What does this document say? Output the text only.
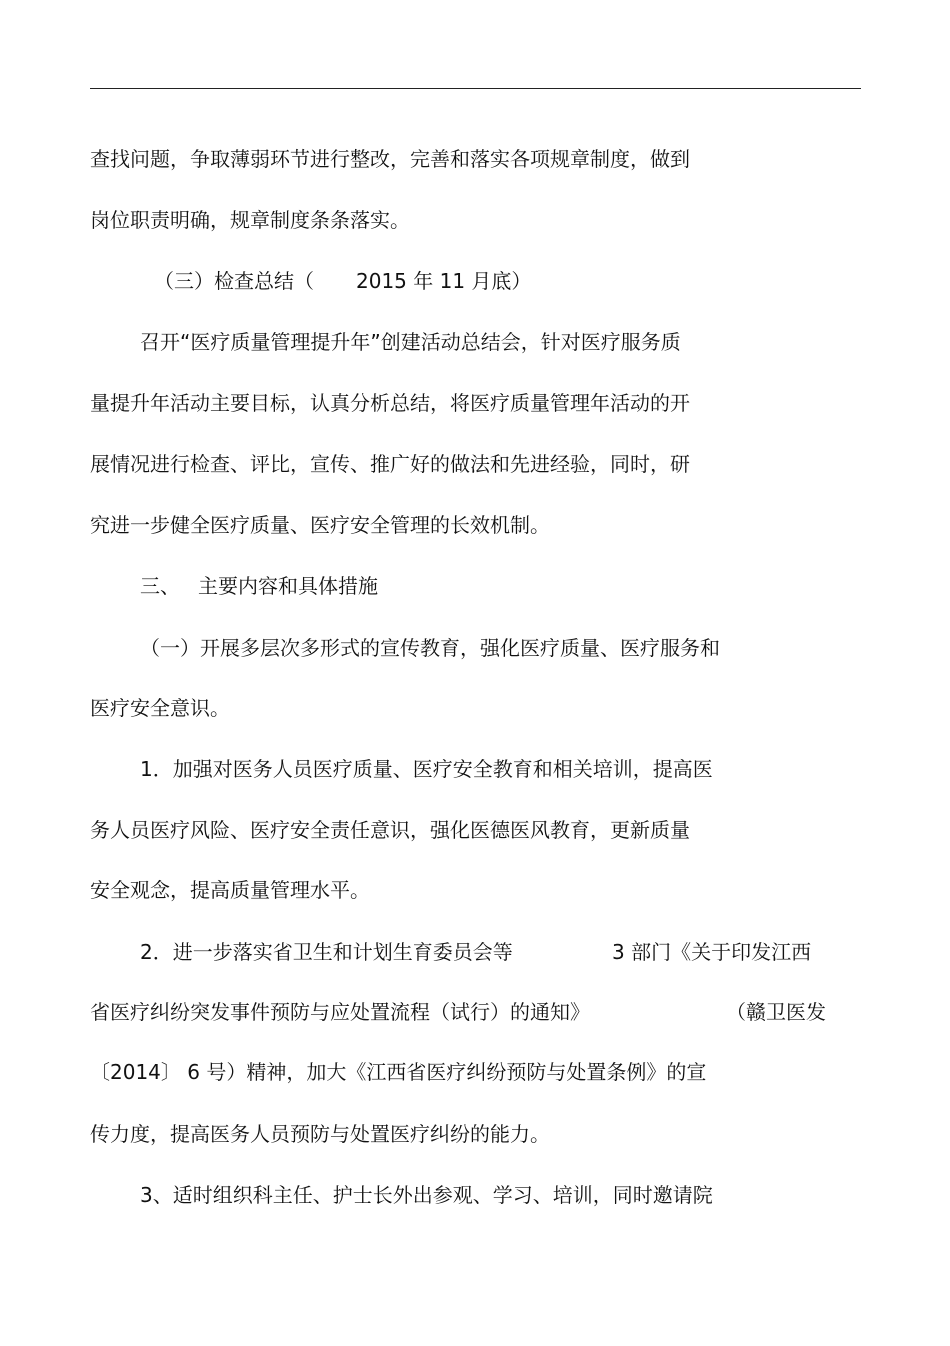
查找问题，争取薄弱环节进行整改，完善和落实各项规章制度，做到

岗位职责明确，规章制度条条落实。

（三）检查总结（

2015 年 11 月底）

召开“医疗质量管理提升年”创建活动总结会，针对医疗服务质

量提升年活动主要目标，认真分析总结，将医疗质量管理年活动的开

展情况进行检查、评比，宣传、推广好的做法和先进经验，同时，研

究进一步健全医疗质量、医疗安全管理的长效机制。

三、

主要内容和具体措施

（一）开展多层次多形式的宣传教育，强化医疗质量、医疗服务和

医疗安全意识。

1．加强对医务人员医疗质量、医疗安全教育和相关培训，提高医

务人员医疗风险、医疗安全责任意识，强化医德医风教育，更新质量

安全观念，提高质量管理水平。

2．进一步落实省卫生和计划生育委员会等

	3 部门《关于印发江西

省医疗纠纷突发事件预防与应处置流程（试行）的通知》

	（赣卫医发

〔2014〕 6 号）精神，加大《江西省医疗纠纷预防与处置条例》的宣

传力度，提高医务人员预防与处置医疗纠纷的能力。

3、适时组织科主任、护士长外出参观、学习、培训，同时邀请院
